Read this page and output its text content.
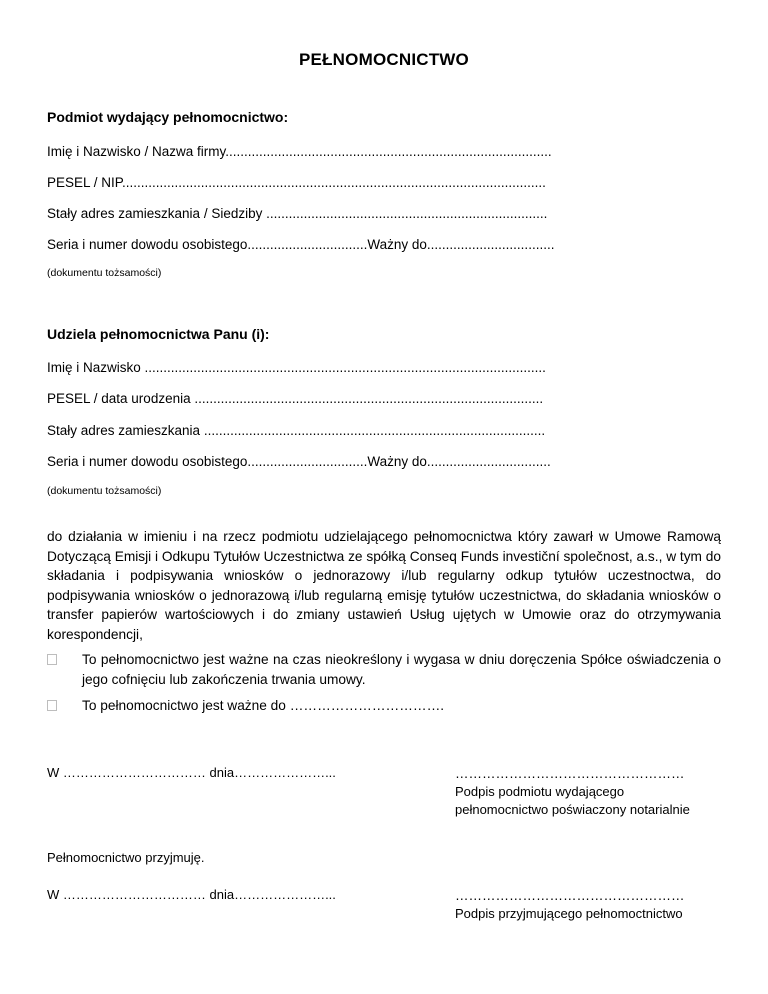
PEŁNOMOCNICTWO
Podmiot wydający pełnomocnictwo:
Imię i Nazwisko / Nazwa firmy.......................................................................................
PESEL / NIP.................................................................................................................
Stały adres zamieszkania / Siedziby ...........................................................................
Seria i numer dowodu osobistego................................Ważny do..................................
(dokumentu tożsamości)
Udziela pełnomocnictwa Panu (i):
Imię i Nazwisko ...........................................................................................................
PESEL / data urodzenia .............................................................................................
Stały adres zamieszkania ...........................................................................................
Seria i numer dowodu osobistego................................Ważny do.................................
(dokumentu tożsamości)
do działania w imieniu i na rzecz podmiotu udzielającego pełnomocnictwa który zawarł w Umowe Ramową Dotyczącą Emisji i Odkupu Tytułów Uczestnictwa ze spółką Conseq Funds investiční společnost, a.s., w tym do składania i podpisywania wniosków o jednorazowy i/lub regularny odkup tytułów uczestnoctwa, do podpisywania wniosków o jednorazową i/lub regularną emisję tytułów uczestnictwa, do składania wniosków o transfer papierów wartościowych i do zmiany ustawień Usług ujętych w Umowie oraz do otrzymywania korespondencji,
To pełnomocnictwo jest ważne na czas nieokreślony i wygasa w dniu doręczenia Spółce oświadczenia o jego cofnięciu lub zakończenia trwania umowy.
To pełnomocnictwo jest ważne do …………………………….
W …………………………… dnia…………………...	……………………………………………
Podpis podmiotu wydającego
pełnomocnictwo poświaczony notarialnie
Pełnomocnictwo przyjmuję.
W …………………………… dnia…………………...	……………………………………………
Podpis przyjmującego pełnomoctnictwo
